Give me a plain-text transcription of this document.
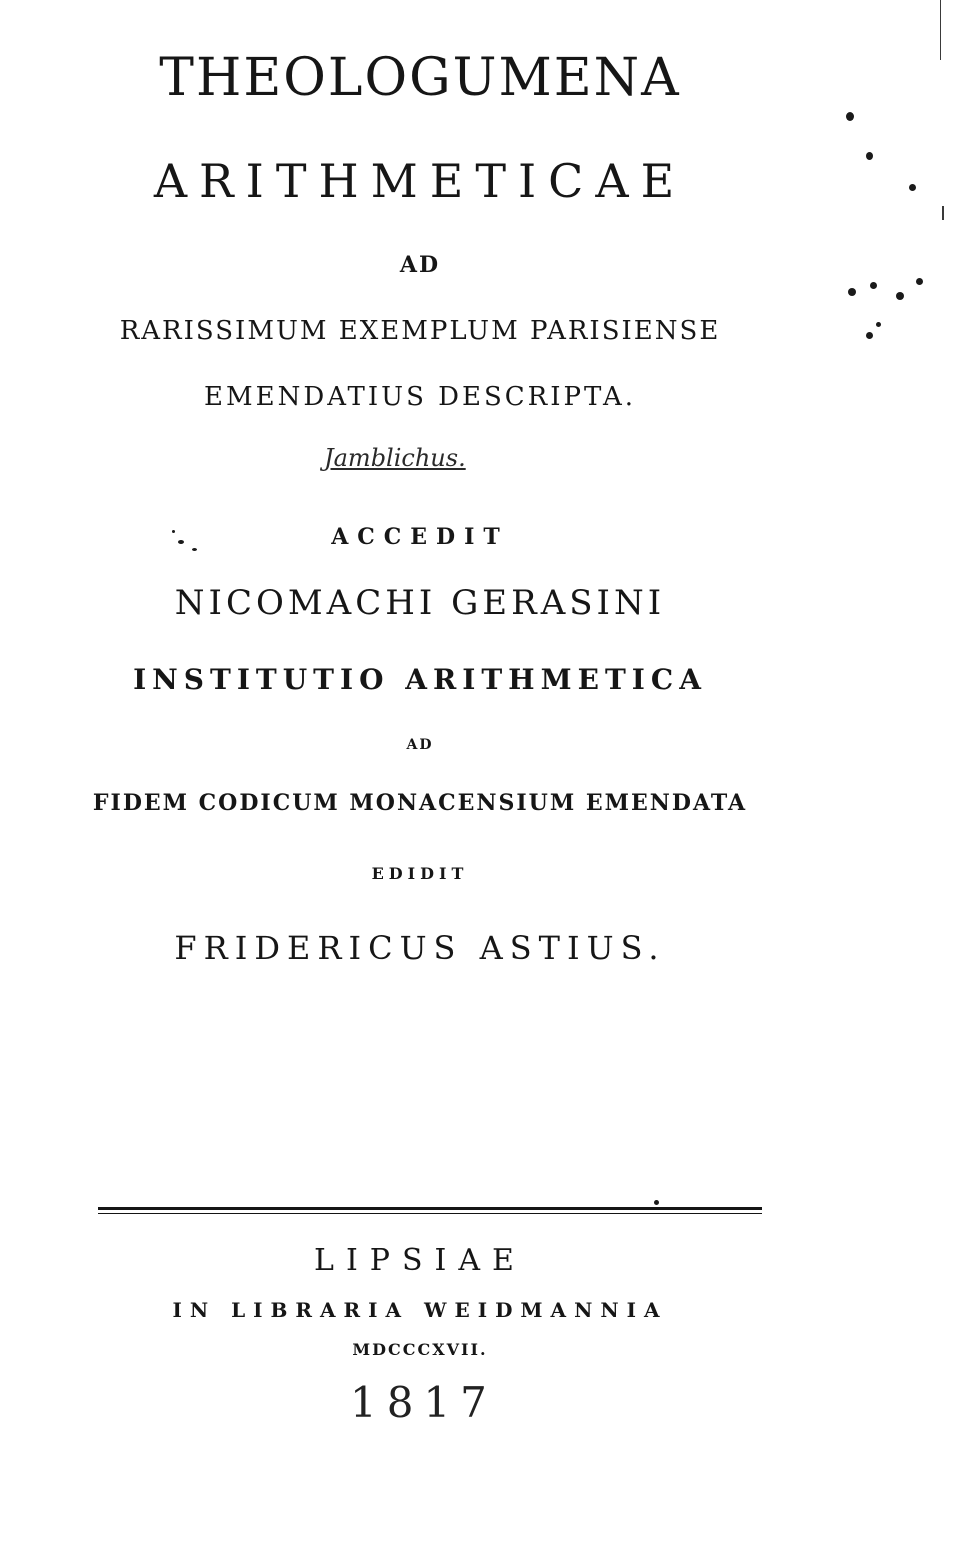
THEOLOGUMENA
ARITHMETICAE
AD
RARISSIMUM EXEMPLUM PARISIENSE
EMENDATIUS DESCRIPTA.
Jamblichus.
ACCEDIT
NICOMACHI GERASINI
INSTITUTIO ARITHMETICA
AD
FIDEM CODICUM MONACENSIUM EMENDATA
EDIDIT
FRIDERICUS ASTIUS.
LIPSIAE
IN LIBRARIA WEIDMANNIA
MDCCCXVII.
1817
